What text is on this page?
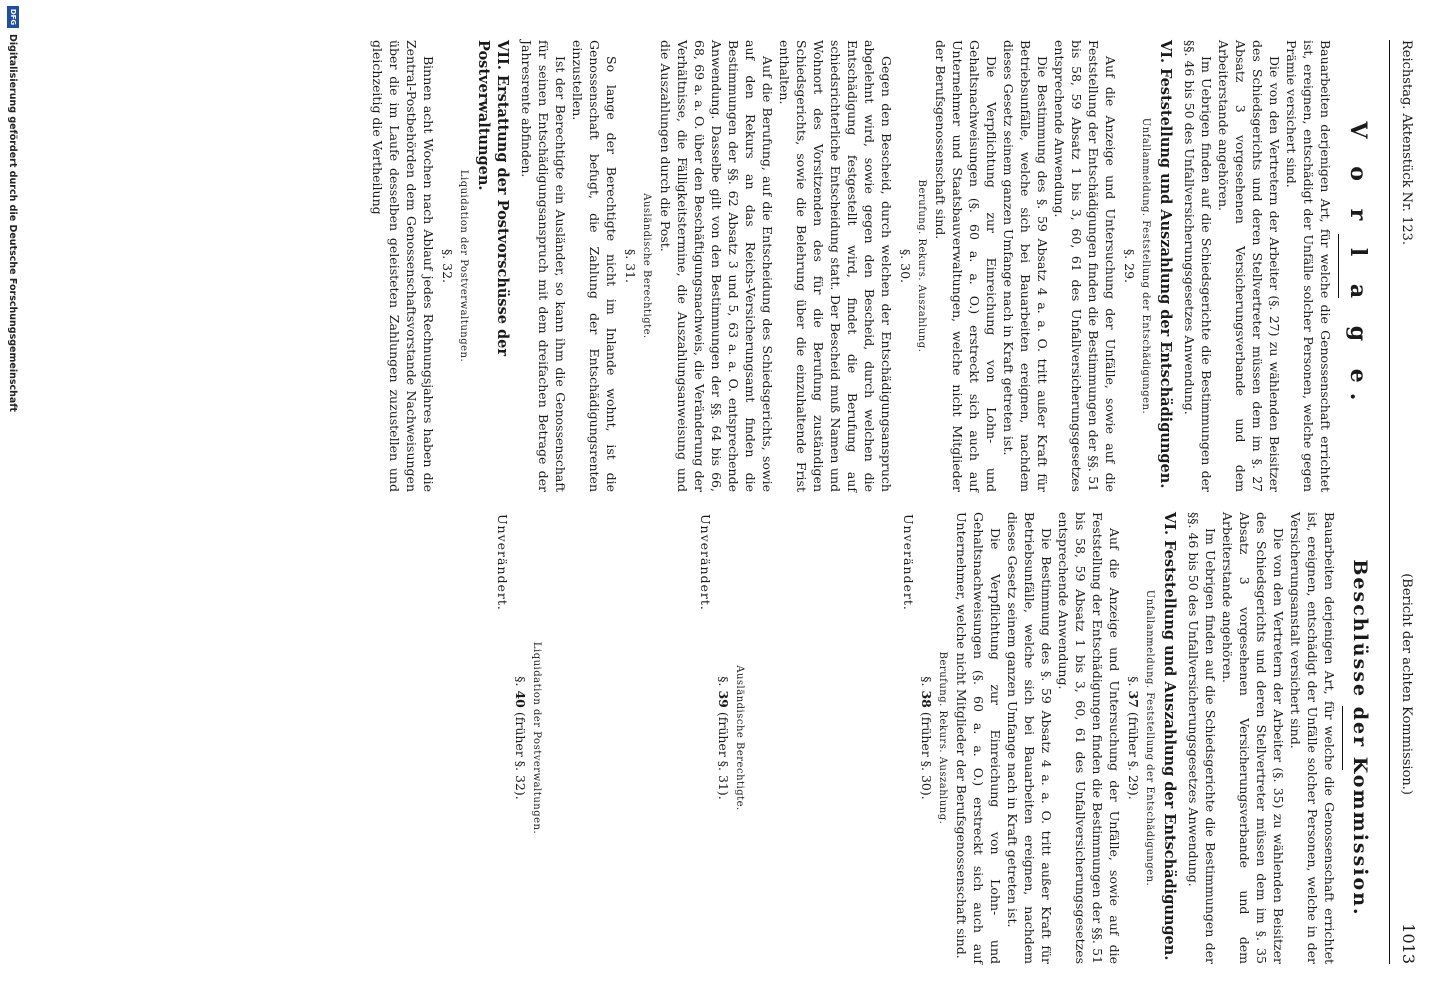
Reichstag. Aktenstück Nr. 123.
(Bericht der achten Kommission.)  1013
V o r l a g e.

Bauarbeiten derjenigen Art, für welche die Genossenschaft errichtet ist, ereignen, entschädigt der Unfälle solcher Personen, welche gegen Prämie versichert sind.

Die von den Vertretern der Arbeiter (§. 27) zu wählenden Beisitzer des Schiedsgerichts und deren Stellvertreter müssen dem im §. 27 Absatz 3 vorgesehenen Versicherungsverbande und dem Arbeiterstande angehören.

Im Uebrigen finden auf die Schiedsgerichte die Bestimmungen der §§. 46 bis 50 des Unfallversicherungsgesetzes Anwendung.

VI. Feststellung und Auszahlung der Entschädigungen.
Unfallanmeldung. Feststellung der Entschädigungen.
§. 29.

Auf die Anzeige und Untersuchung der Unfälle, sowie auf die Feststellung der Entschädigungen finden die Bestimmungen der §§. 51 bis 58, 59 Absatz 1 bis 3, 60, 61 des Unfallversicherungsgesetzes entsprechende Anwendung.

Die Bestimmung des §. 59 Absatz 4 a. a. O. tritt außer Kraft für Betriebsunfälle, welche sich bei Bauarbeiten ereignen, nachdem dieses Gesetz seinem ganzen Umfange nach in Kraft getreten ist.

Die Verpflichtung zur Einreichung von Lohn- und Gehaltsnachweisungen (§. 60 a. a. O.) erstreckt sich auch auf Unternehmer und Staatsbauverwaltungen, welche nicht Mitglieder der Berufsgenossenschaft sind.

Berufung. Rekurs. Auszahlung.
§. 30.

Gegen den Bescheid, durch welchen der Entschädigungsanspruch abgelehnt wird, sowie gegen den Bescheid, durch welchen die Entschädigung festgestellt wird, findet die Berufung auf schiedsrichterliche Entscheidung statt. Der Bescheid muß Namen und Wohnort des Vorsitzenden des für die Berufung zuständigen Schiedsgerichts, sowie die Belehrung über die einzuhaltende Frist enthalten.

Auf die Berufung, auf die Entscheidung des Schiedsgerichts, sowie auf den Rekurs an das Reichs-Versicherungsamt finden die Bestimmungen der §§. 62 Absatz 3 und 5, 63 a. a. O. entsprechende Anwendung. Dasselbe gilt von den Bestimmungen der §§. 64 bis 66, 68, 69 a. a. O. über den Beschäftigungsnachweis, die Veränderung der Verhältnisse, die Fälligkeitstermine, die Auszahlungsanweisung und die Auszahlungen durch die Post.

Ausländische Berechtigte.
§. 31.

So lange der Berechtigte nicht im Inlande wohnt, ist die Genossenschaft befugt, die Zahlung der Entschädigungsrenten einzustellen.

Ist der Berechtigte ein Ausländer, so kann ihm die Genossenschaft für seinen Entschädigungsanspruch mit dem dreifachen Betrage der Jahresrente abfinden.

VII. Erstattung der Postvorschüsse der Postverwaltungen.
Liquidation der Postverwaltungen.
§. 32.

Binnen acht Wochen nach Ablauf jedes Rechnungsjahres haben die Zentral-Postbehörden dem Genossenschaftsvorstande Nachweisungen über die im Laufe desselben geleisteten Zahlungen zuzustellen und gleichzeitig die Vertheilung

Beschlüsse der Kommission.

Bauarbeiten derjenigen Art, für welche die Genossenschaft errichtet ist, ereignen, entschädigt der Unfälle solcher Personen, welche in der Versicherungsanstalt versichert sind.

Die von den Vertretern der Arbeiter (§. 35) zu wählenden Beisitzer des Schiedsgerichts und deren Stellvertreter müssen dem im §. 35 Absatz 3 vorgesehenen Versicherungsverbande und dem Arbeiterstande angehören.

Im Uebrigen finden auf die Schiedsgerichte die Bestimmungen der §§. 46 bis 50 des Unfallversicherungsgesetzes Anwendung.

VI. Feststellung und Auszahlung der Entschädigungen.
Unfallanmeldung. Feststellung der Entschädigungen.
§. 37 (früher §. 29).

Auf die Anzeige und Untersuchung der Unfälle, sowie auf die Feststellung der Entschädigungen finden die Bestimmungen der §§. 51 bis 58, 59 Absatz 1 bis 3, 60, 61 des Unfallversicherungsgesetzes entsprechende Anwendung.

Die Bestimmung des §. 59 Absatz 4 a. a. O. tritt außer Kraft für Betriebsunfälle, welche sich bei Bauarbeiten ereignen, nachdem dieses Gesetz seinem ganzen Umfange nach in Kraft getreten ist.

Die Verpflichtung zur Einreichung von Lohn- und Gehaltsnachweisungen (§. 60 a. a. O.) erstreckt sich auch auf Unternehmer, welche nicht Mitglieder der Berufsgenossenschaft sind.

Berufung. Rekurs. Auszahlung.
§. 38 (früher §. 30).
Unverändert.
Ausländische Berechtigte.
§. 39 (früher §. 31).
Unverändert.
Liquidation der Postverwaltungen.
§. 40 (früher §. 32).
Unverändert.
DFG
Digitalisierung gefördert durch die Deutsche Forschungsgemeinschaft
